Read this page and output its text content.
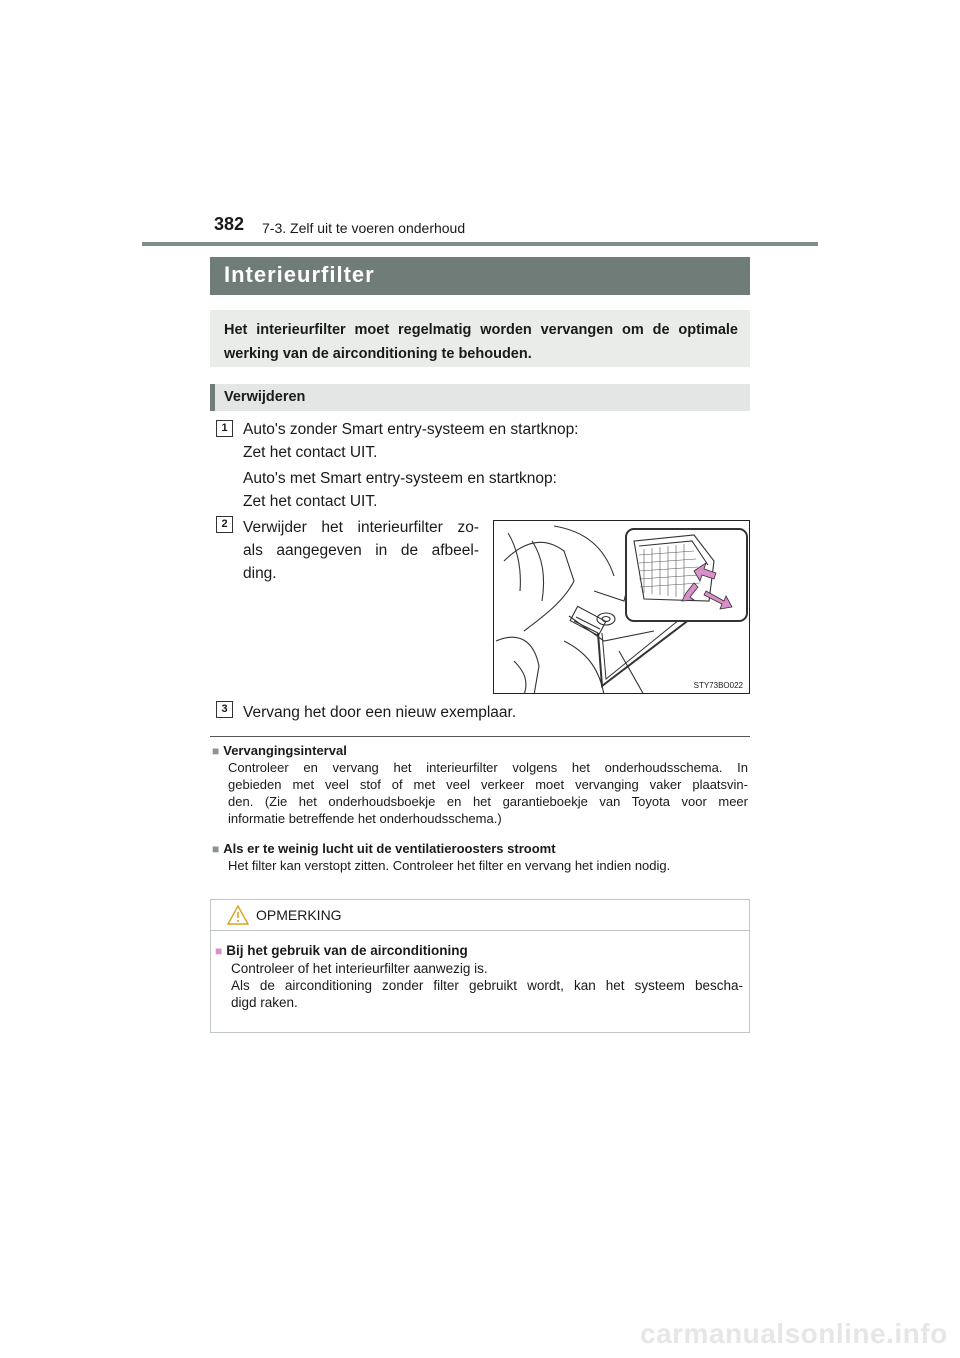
382 7-3. Zelf uit te voeren onderhoud
Interieurfilter

Het interieurfilter moet regelmatig worden vervangen om de optimale werking van de airconditioning te behouden.

Verwijderen
1 Auto's zonder Smart entry-systeem en startknop:
Zet het contact UIT.
Auto's met Smart entry-systeem en startknop:
Zet het contact UIT.
2 Verwijder het interieurfilter zo-
als aangegeven in de afbeel-
ding.
STY73BO022
3 Vervang het door een nieuw exemplaar.
■ Vervangingsinterval
Controleer en vervang het interieurfilter volgens het onderhoudsschema. In
gebieden met veel stof of met veel verkeer moet vervanging vaker plaatsvin-
den. (Zie het onderhoudsboekje en het garantieboekje van Toyota voor meer
informatie betreffende het onderhoudsschema.)
■ Als er te weinig lucht uit de ventilatieroosters stroomt
Het filter kan verstopt zitten. Controleer het filter en vervang het indien nodig.
OPMERKING
■ Bij het gebruik van de airconditioning
Controleer of het interieurfilter aanwezig is.
Als de airconditioning zonder filter gebruikt wordt, kan het systeem bescha-
digd raken.
carmanualsonline.info
